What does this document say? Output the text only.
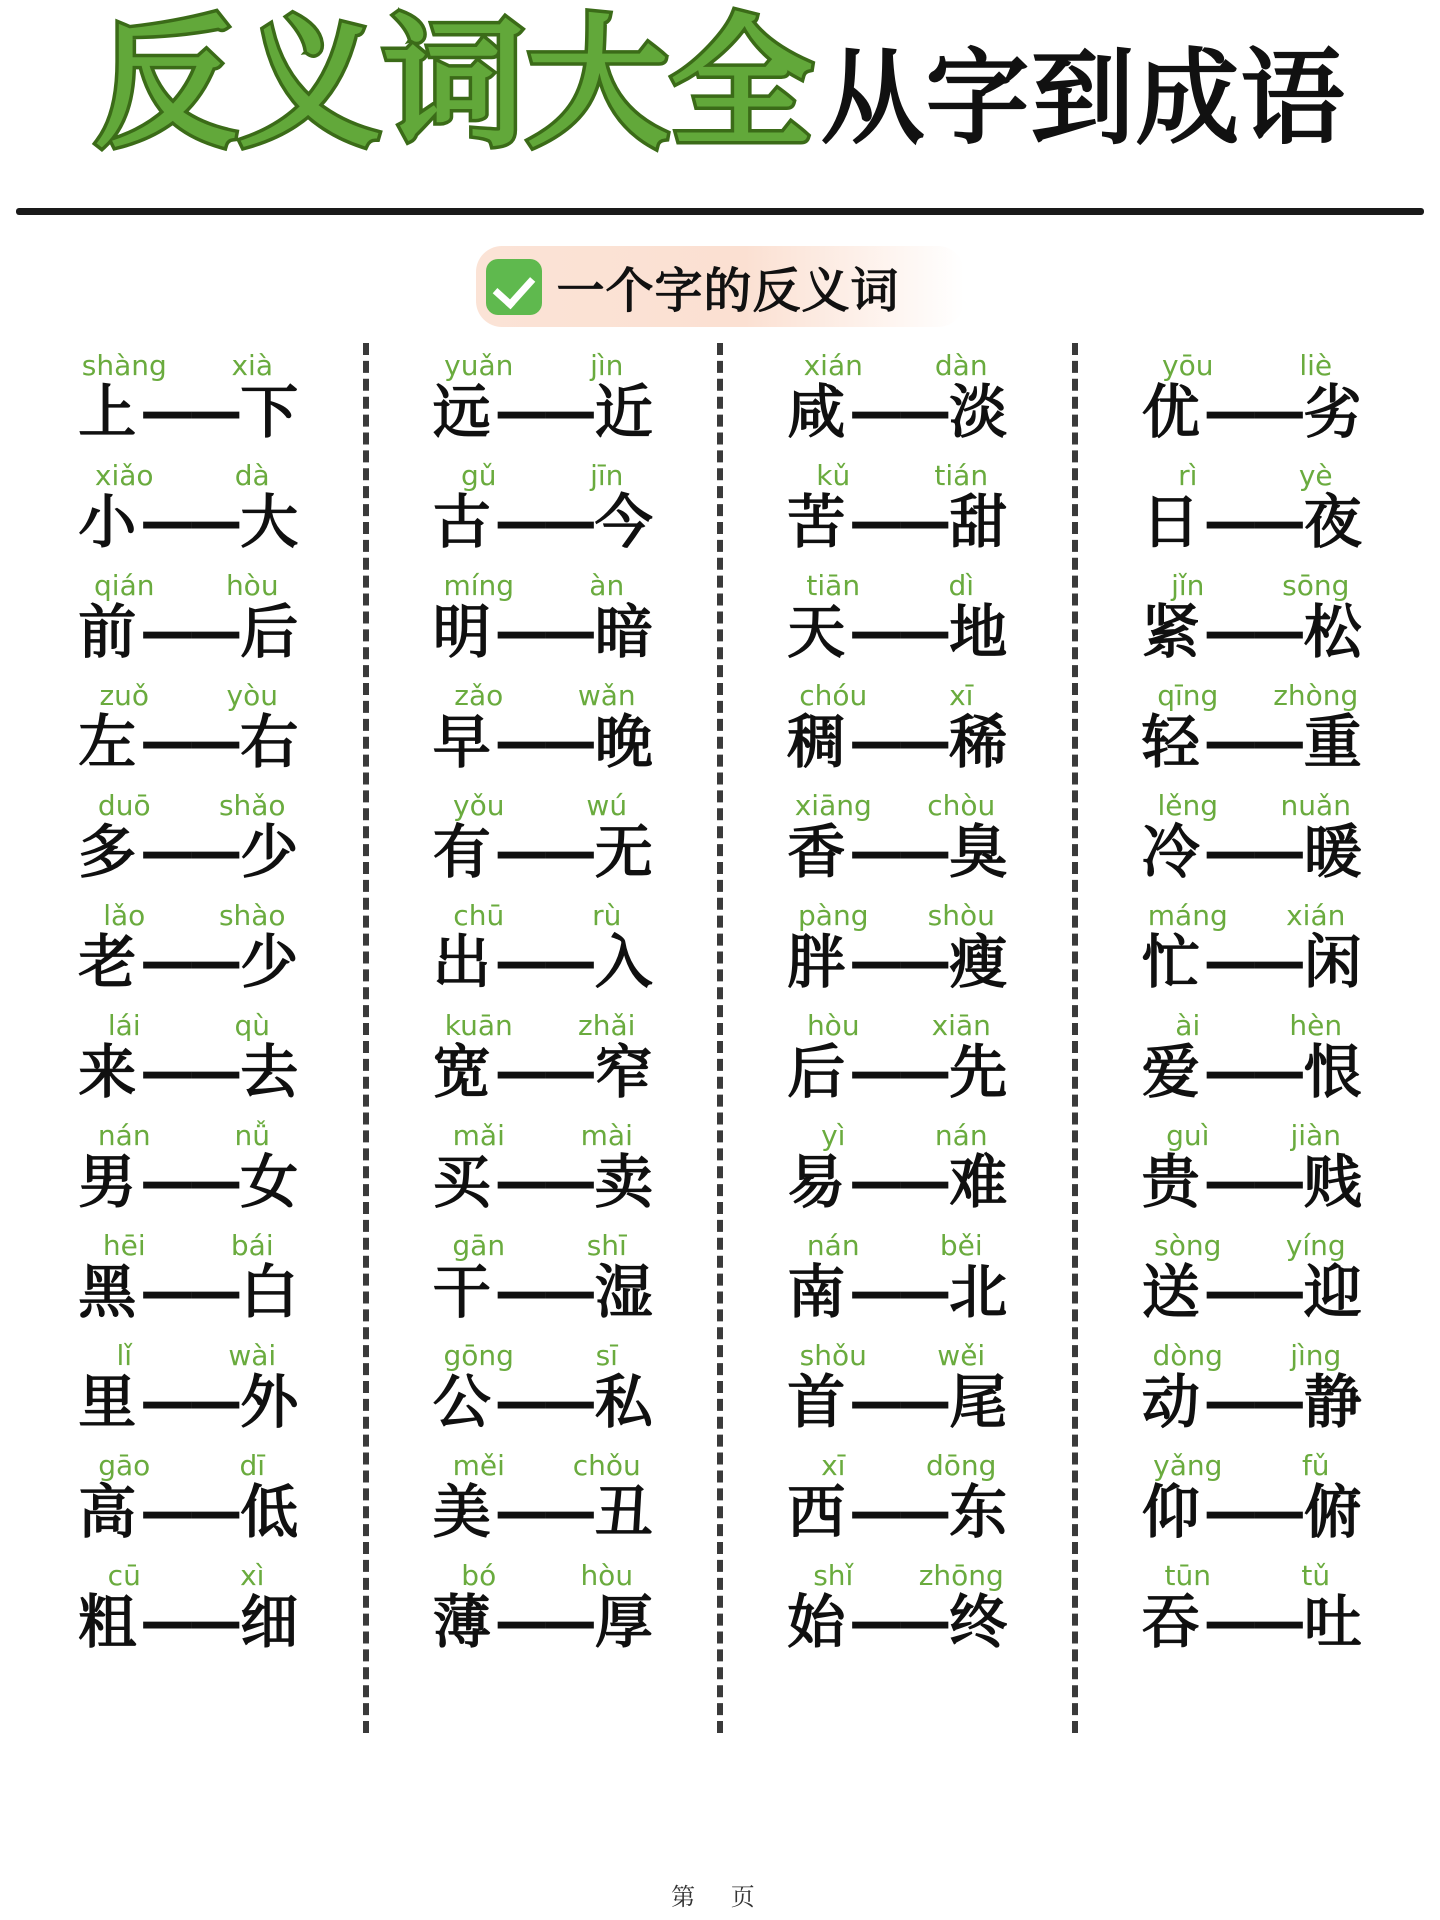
反义词大全 从字到成语
一个字的反义词
shàng	xià
上 —— 下
xiǎo	dà
小 —— 大
qián	hòu
前 —— 后
zuǒ	yòu
左 —— 右
duō	shǎo
多 —— 少
lǎo	shào
老 —— 少
lái	qù
来 —— 去
nán	nǚ
男 —— 女
hēi	bái
黑 —— 白
lǐ	wài
里 —— 外
gāo	dī
高 —— 低
cū	xì
粗 —— 细
yuǎn	jìn
远 —— 近
gǔ	jīn
古 —— 今
míng	àn
明 —— 暗
zǎo	wǎn
早 —— 晚
yǒu	wú
有 —— 无
chū	rù
出 —— 入
kuān	zhǎi
宽 —— 窄
mǎi	mài
买 —— 卖
gān	shī
干 —— 湿
gōng	sī
公 —— 私
měi	chǒu
美 —— 丑
bó	hòu
薄 —— 厚
xián	dàn
咸 —— 淡
kǔ	tián
苦 —— 甜
tiān	dì
天 —— 地
chóu	xī
稠 —— 稀
xiāng	chòu
香 —— 臭
pàng	shòu
胖 —— 瘦
hòu	xiān
后 —— 先
yì	nán
易 —— 难
nán	běi
南 —— 北
shǒu	wěi
首 —— 尾
xī	dōng
西 —— 东
shǐ	zhōng
始 —— 终
yōu	liè
优 —— 劣
rì	yè
日 —— 夜
jǐn	sōng
紧 —— 松
qīng	zhòng
轻 —— 重
lěng	nuǎn
冷 —— 暖
máng	xián
忙 —— 闲
ài	hèn
爱 —— 恨
guì	jiàn
贵 —— 贱
sòng	yíng
送 —— 迎
dòng	jìng
动 —— 静
yǎng	fǔ
仰 —— 俯
tūn	tǔ
吞 —— 吐
第 页
